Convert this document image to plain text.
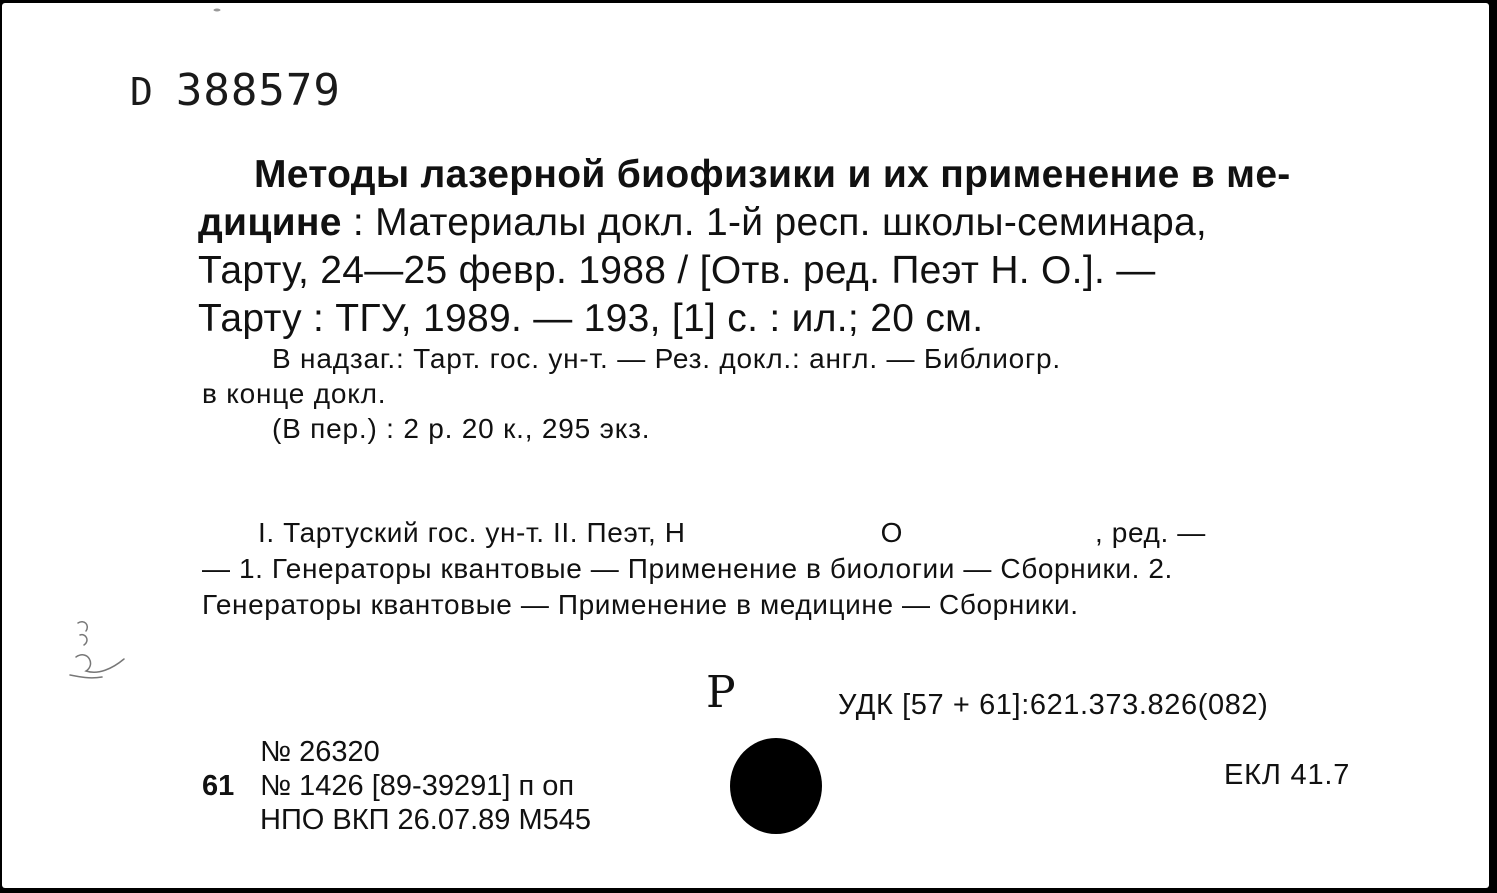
D 388579
Методы лазерной биофизики и их применение в ме-
дицине : Материалы докл. 1-й респ. школы-семинара,
Тарту, 24—25 февр. 1988 / [Отв. ред. Пеэт Н. О.]. —
Тарту : ТГУ, 1989. — 193, [1] с. : ил.; 20 см.
В надзаг.: Тарт. гос. ун-т. — Рез. докл.: англ. — Библиогр.
в конце докл.
(В пер.) : 2 р. 20 к., 295 экз.
I. Тартуский гос. ун-т. II. Пеэт, Н	О	, ред. —
— 1. Генераторы квантовые — Применение в биологии — Сборники. 2.
Генераторы квантовые — Применение в медицине — Сборники.
Р	УДК [57 + 61]:621.373.826(082)
ЕКЛ 41.7
№ 26320
61 № 1426 [89-39291] п оп
НПО ВКП 26.07.89 М545
